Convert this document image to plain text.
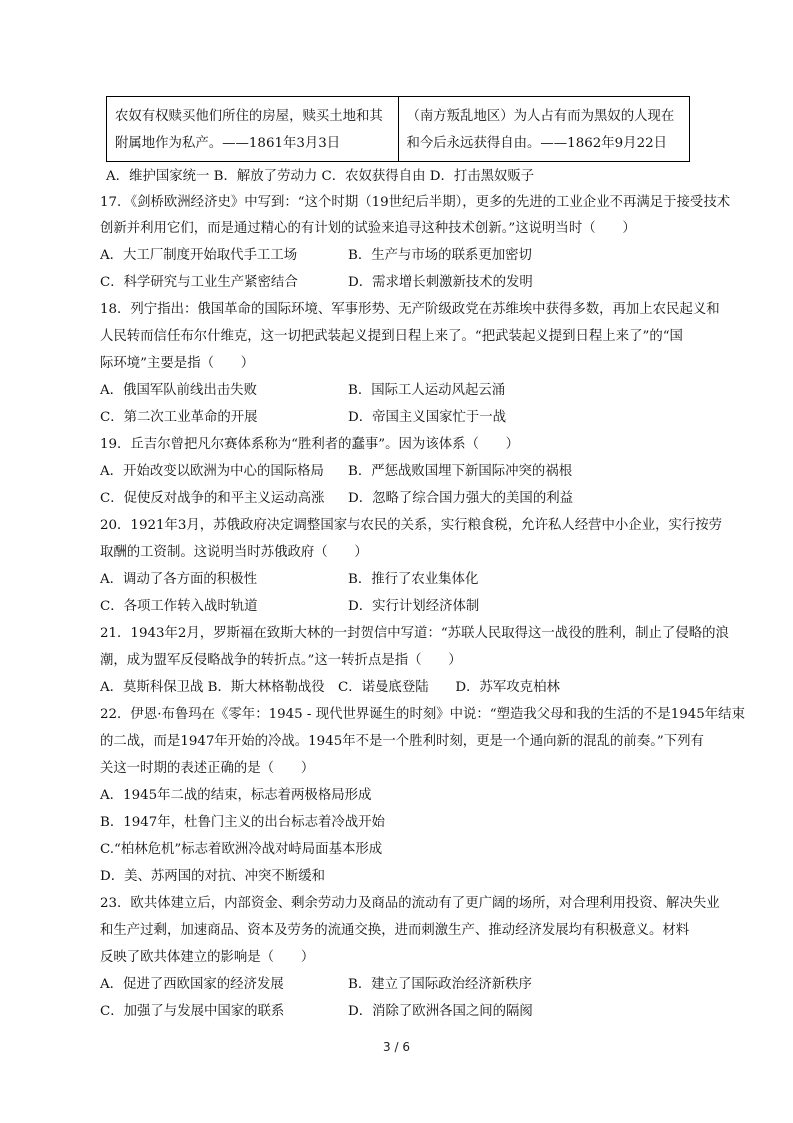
农奴有权赎买他们所住的房屋，赎买土地和其附属地作为私产。——1861年3月3日	（南方叛乱地区）为人占有而为黑奴的人现在和今后永远获得自由。——1862年9月22日
A．维护国家统一 B．解放了劳动力 C．农奴获得自由 D．打击黑奴贩子
17．《剑桥欧洲经济史》中写到：“这个时期（19世纪后半期），更多的先进的工业企业不再满足于接受技术
创新并利用它们，而是通过精心的有计划的试验来追寻这种技术创新。”这说明当时（　　）
A．大工厂制度开始取代手工工场	B．生产与市场的联系更加密切
C．科学研究与工业生产紧密结合	D．需求增长刺激新技术的发明
18．列宁指出：俄国革命的国际环境、军事形势、无产阶级政党在苏维埃中获得多数，再加上农民起义和
人民转而信任布尔什维克，这一切把武装起义提到日程上来了。“把武装起义提到日程上来了”的“国
际环境”主要是指（　　）
A．俄国军队前线出击失败	B．国际工人运动风起云涌
C．第二次工业革命的开展	D．帝国主义国家忙于一战
19．丘吉尔曾把凡尔赛体系称为“胜利者的蠢事”。因为该体系（　　）
A．开始改变以欧洲为中心的国际格局 B．严惩战败国埋下新国际冲突的祸根
C．促使反对战争的和平主义运动高涨 D．忽略了综合国力强大的美国的利益
20．1921年3月，苏俄政府决定调整国家与农民的关系，实行粮食税，允许私人经营中小企业，实行按劳
取酬的工资制。这说明当时苏俄政府（　　）
A．调动了各方面的积极性	B．推行了农业集体化
C．各项工作转入战时轨道	D．实行计划经济体制
21．1943年2月，罗斯福在致斯大林的一封贺信中写道：“苏联人民取得这一战役的胜利，制止了侵略的浪
潮，成为盟军反侵略战争的转折点。”这一转折点是指（　　）
A．莫斯科保卫战 B．斯大林格勒战役　C．诺曼底登陆　　D．苏军攻克柏林
22．伊恩·布鲁玛在《零年：1945 - 现代世界诞生的时刻》中说：“塑造我父母和我的生活的不是1945年结束
的二战，而是1947年开始的冷战。1945年不是一个胜利时刻，更是一个通向新的混乱的前奏。”下列有
关这一时期的表述正确的是（　　）
A．1945年二战的结束，标志着两极格局形成
B．1947年，杜鲁门主义的出台标志着冷战开始
C.“柏林危机”标志着欧洲冷战对峙局面基本形成
D．美、苏两国的对抗、冲突不断缓和
23．欧共体建立后，内部资金、剩余劳动力及商品的流动有了更广阔的场所，对合理利用投资、解决失业
和生产过剩，加速商品、资本及劳务的流通交换，进而刺激生产、推动经济发展均有积极意义。材料
反映了欧共体建立的影响是（　　）
A．促进了西欧国家的经济发展	B．建立了国际政治经济新秩序
C．加强了与发展中国家的联系	D．消除了欧洲各国之间的隔阂
3 / 6
